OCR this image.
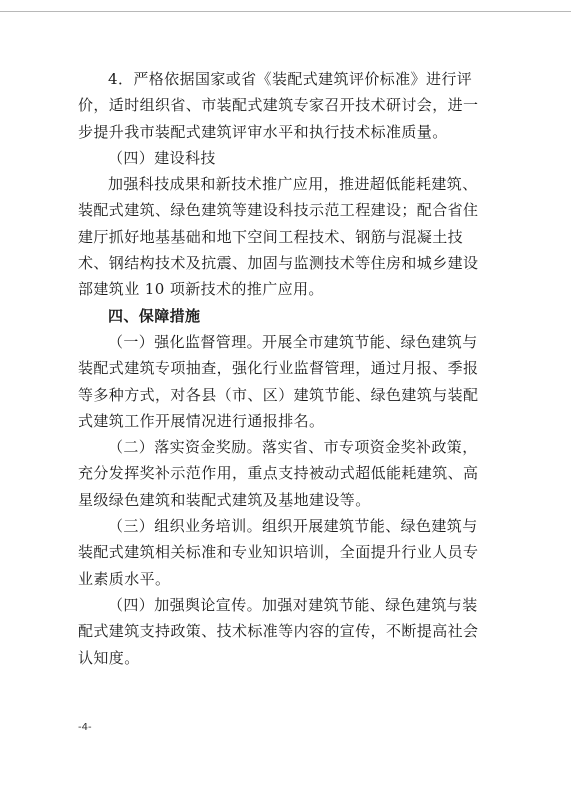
4．严格依据国家或省《装配式建筑评价标准》进行评
价，适时组织省、市装配式建筑专家召开技术研讨会，进一
步提升我市装配式建筑评审水平和执行技术标准质量。
（四）建设科技
加强科技成果和新技术推广应用，推进超低能耗建筑、
装配式建筑、绿色建筑等建设科技示范工程建设；配合省住
建厅抓好地基基础和地下空间工程技术、钢筋与混凝土技
术、钢结构技术及抗震、加固与监测技术等住房和城乡建设
部建筑业 10 项新技术的推广应用。
四、保障措施
（一）强化监督管理。开展全市建筑节能、绿色建筑与
装配式建筑专项抽查，强化行业监督管理，通过月报、季报
等多种方式，对各县（市、区）建筑节能、绿色建筑与装配
式建筑工作开展情况进行通报排名。
（二）落实资金奖励。落实省、市专项资金奖补政策，
充分发挥奖补示范作用，重点支持被动式超低能耗建筑、高
星级绿色建筑和装配式建筑及基地建设等。
（三）组织业务培训。组织开展建筑节能、绿色建筑与
装配式建筑相关标准和专业知识培训，全面提升行业人员专
业素质水平。
（四）加强舆论宣传。加强对建筑节能、绿色建筑与装
配式建筑支持政策、技术标准等内容的宣传，不断提高社会
认知度。
-4-
